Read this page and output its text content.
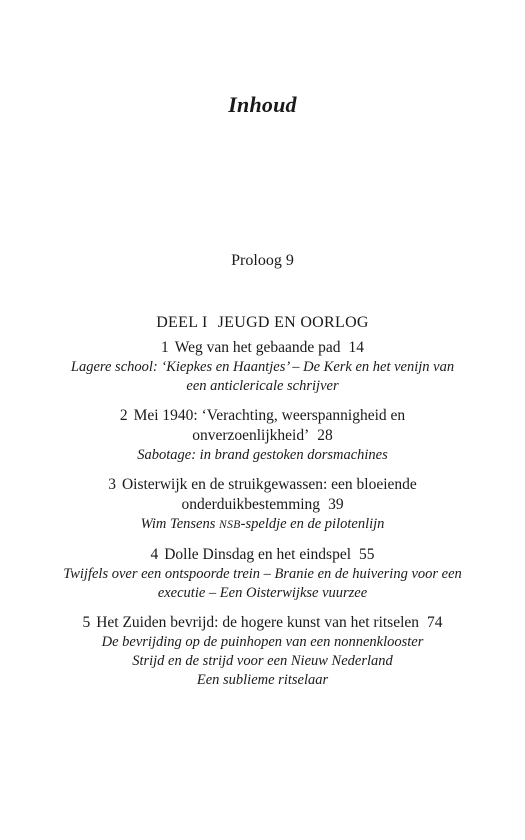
Inhoud
Proloog 9
DEEL I JEUGD EN OORLOG
1 Weg van het gebaande pad 14
Lagere school: ‘Kiepkes en Haantjes’ – De Kerk en het venijn van
een anticlericale schrijver
2 Mei 1940: ‘Verachting, weerspannigheid en
onverzoenlijkheid’ 28
Sabotage: in brand gestoken dorsmachines
3 Oisterwijk en de struikgewassen: een bloeiende
onderduikbestemming 39
Wim Tensens NSB-speldje en de pilotenlijn
4 Dolle Dinsdag en het eindspel 55
Twijfels over een ontspoorde trein – Branie en de huivering voor een
executie – Een Oisterwijkse vuurzee
5 Het Zuiden bevrijd: de hogere kunst van het ritselen 74
De bevrijding op de puinhopen van een nonnenklooster
Strijd en de strijd voor een Nieuw Nederland
Een sublieme ritselaar
